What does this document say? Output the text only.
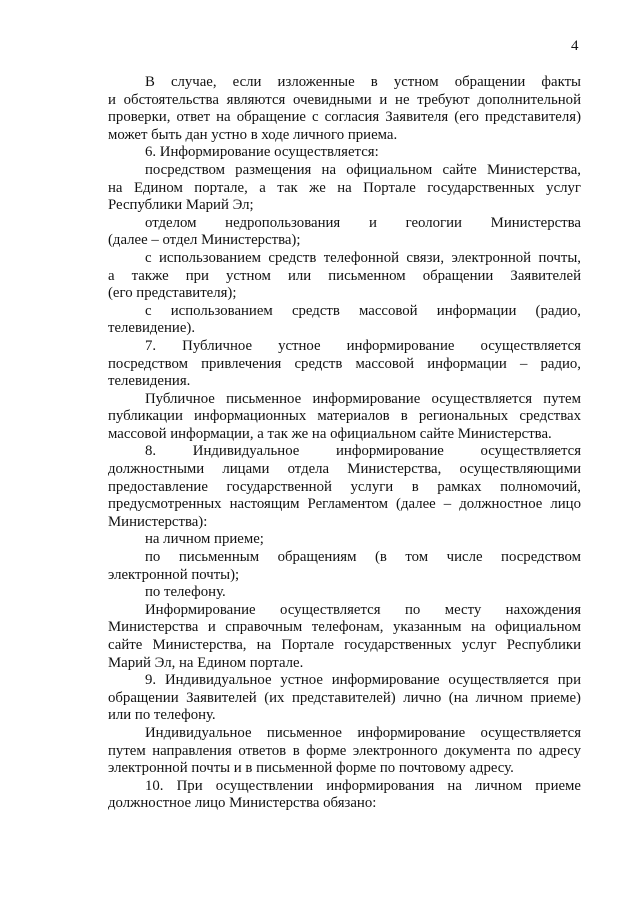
4
В случае, если изложенные в устном обращении факты
и обстоятельства являются очевидными и не требуют дополнительной
проверки, ответ на обращение с согласия Заявителя (его представителя)
может быть дан устно в ходе личного приема.
6. Информирование осуществляется:
посредством размещения на официальном сайте Министерства,
на Едином портале, а так же на Портале государственных услуг
Республики Марий Эл;
отделом недропользования и геологии Министерства
(далее – отдел Министерства);
с использованием средств телефонной связи, электронной почты,
а также при устном или письменном обращении Заявителей
(его представителя);
с использованием средств массовой информации (радио,
телевидение).
7. Публичное устное информирование осуществляется
посредством привлечения средств массовой информации – радио,
телевидения.
Публичное письменное информирование осуществляется путем
публикации информационных материалов в региональных средствах
массовой информации, а так же на официальном сайте Министерства.
8. Индивидуальное информирование осуществляется
должностными лицами отдела Министерства, осуществляющими
предоставление государственной услуги в рамках полномочий,
предусмотренных настоящим Регламентом (далее – должностное лицо
Министерства):
на личном приеме;
по письменным обращениям (в том числе посредством
электронной почты);
по телефону.
Информирование осуществляется по месту нахождения
Министерства и справочным телефонам, указанным на официальном
сайте Министерства, на Портале государственных услуг Республики
Марий Эл, на Едином портале.
9. Индивидуальное устное информирование осуществляется при
обращении Заявителей (их представителей) лично (на личном приеме)
или по телефону.
Индивидуальное письменное информирование осуществляется
путем направления ответов в форме электронного документа по адресу
электронной почты и в письменной форме по почтовому адресу.
10. При осуществлении информирования на личном приеме
должностное лицо Министерства обязано:
